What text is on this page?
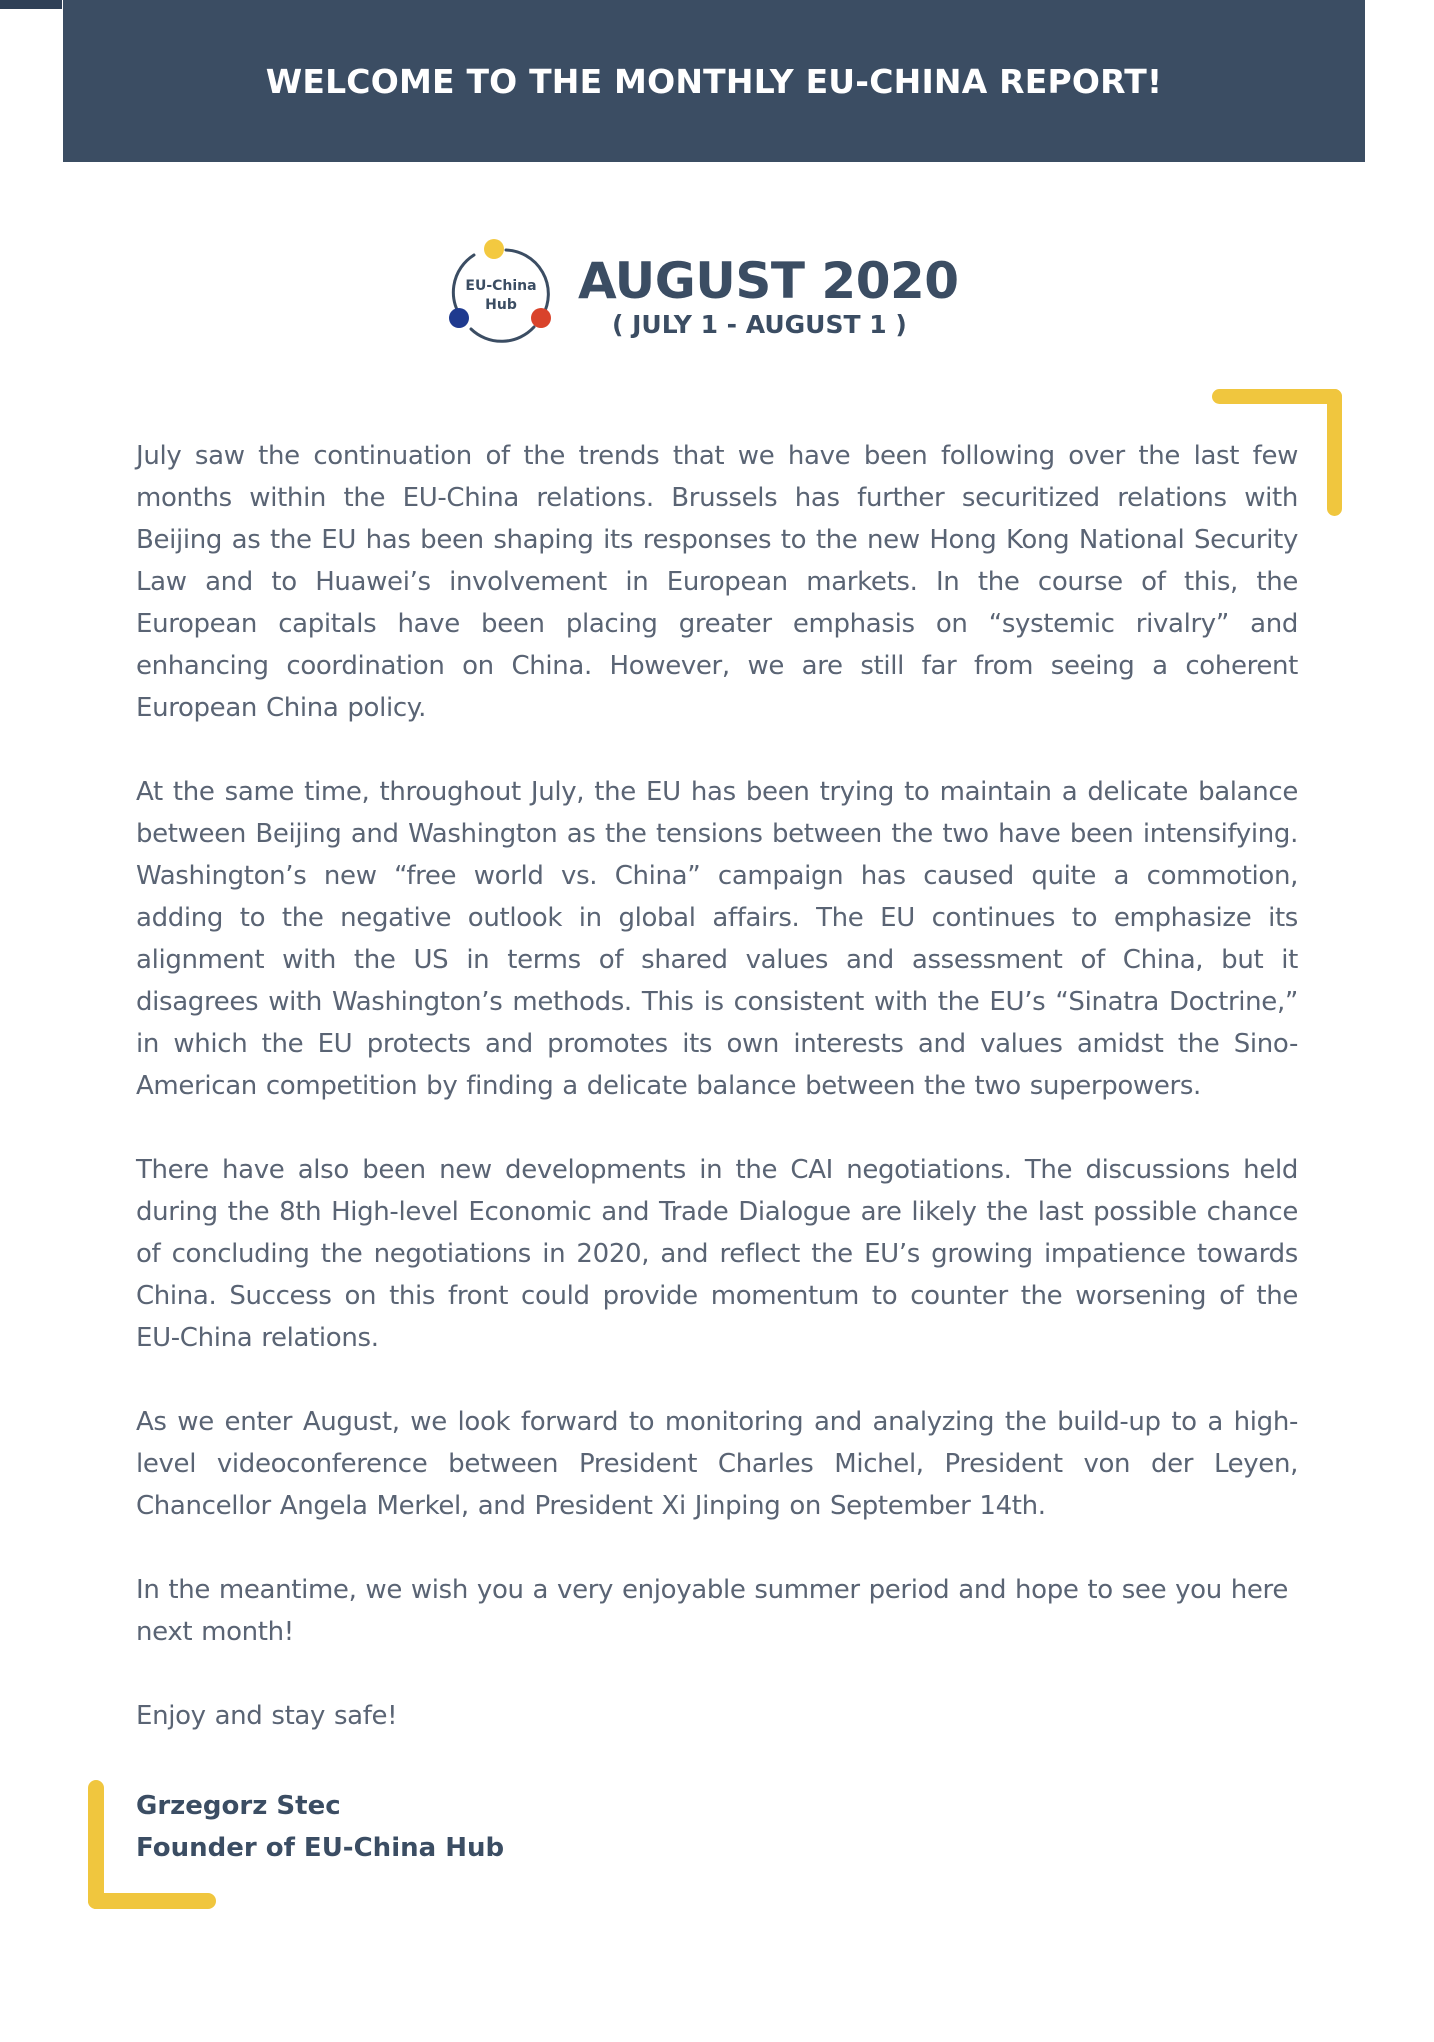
WELCOME TO THE MONTHLY EU-CHINA REPORT!
EU-China
Hub AUGUST 2020
( JULY 1 - AUGUST 1 )

July saw the continuation of the trends that we have been following over the last few months within the EU-China relations. Brussels has further securitized relations with Beijing as the EU has been shaping its responses to the new Hong Kong National Security Law and to Huawei’s involvement in European markets. In the course of this, the European capitals have been placing greater emphasis on “systemic rivalry” and enhancing coordination on China. However, we are still far from seeing a coherent European China policy.

At the same time, throughout July, the EU has been trying to maintain a delicate balance between Beijing and Washington as the tensions between the two have been intensifying. Washington’s new “free world vs. China” campaign has caused quite a commotion, adding to the negative outlook in global affairs. The EU continues to emphasize its alignment with the US in terms of shared values and assessment of China, but it disagrees with Washington’s methods. This is consistent with the EU’s “Sinatra Doctrine,” in which the EU protects and promotes its own interests and values amidst the Sino-American competition by finding a delicate balance between the two superpowers.

There have also been new developments in the CAI negotiations. The discussions held during the 8th High-level Economic and Trade Dialogue are likely the last possible chance of concluding the negotiations in 2020, and reflect the EU’s growing impatience towards China. Success on this front could provide momentum to counter the worsening of the EU-China relations.

As we enter August, we look forward to monitoring and analyzing the build-up to a high-level videoconference between President Charles Michel, President von der Leyen, Chancellor Angela Merkel, and President Xi Jinping on September 14th.

In the meantime, we wish you a very enjoyable summer period and hope to see you here next month!

Enjoy and stay safe!

Grzegorz Stec
Founder of EU-China Hub
